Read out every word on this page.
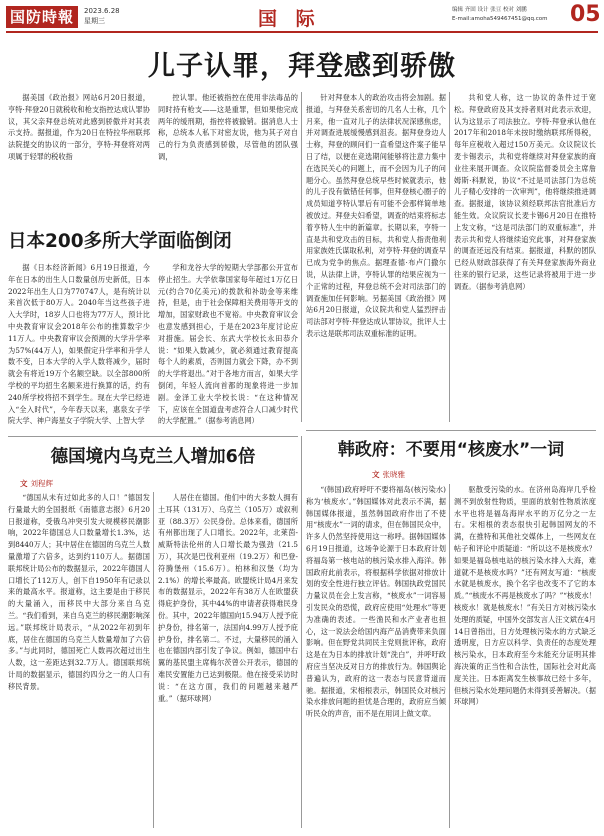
国防時報	2023.6.28
星期三	国 际	编辑 齐固 设计 张豆 校对 刘鹏
E-mail:amoha549467451@qq.com	05
儿子认罪，拜登感到骄傲

据美国《政治报》网站6月20日报道，亨特·拜登20日就税收和枪支指控达成认罪协议，其父亲拜登总统对此感到骄傲并对其表示支持。据报道，作为20日在特拉华州联邦法院提交的协议的一部分，亨特·拜登将对两项属于轻罪的税收指

控认罪。他还被指控在使用非法毒品的同时持有枪支——这是重罪，但如果他完成两年的缓刑期，指控将被撤销。据消息人士称，总统本人私下对密友说，他为其子对自己的行为负责感到骄傲，尽管他的团队强调，

针对拜登本人的政治攻击将会加剧。据报道，与拜登关系密切的几名人士称，几个月来，他一直对儿子的法律状况深感焦虑，并对调查进展缓慢感到沮丧。据拜登身边人士称，拜登的顾问们一直希望这件案子能早日了结，以便在竞选期间能够将注意力集中在选民关心的问题上，而不会因为儿子的问题分心。虽然拜登总统早些时候就表示，他的儿子没有做错任何事，但拜登核心圈子的成员知道亨特认罪后有可能不会那样简单地被放过。拜登夫妇希望，调查的结束将标志着亨特人生中的新篇章。长期以来，亨特一直是共和党攻击的目标，共和党人指责他利用家族姓氏谋取私利，对亨特·拜登的调查早已成为党争的焦点。据理查德·布卢门撒尔说，从法律上讲，亨特认罪的结果应视为一个正常的过程，拜登总统不会对司法部门的调查施加任何影响。另据美国《政治报》网站6月20日报道，众议院共和党人猛烈抨击司法部对亨特·拜登达成认罪协议，批评人士表示这是联邦司法双重标准的证明。

共和党人称，这一协议的条件过于宽松。拜登政府及其支持者则对此表示欢迎，认为这显示了司法独立。亨特·拜登承认他在2017年和2018年未按时缴纳联邦所得税，每年应税收入超过150万美元。众议院议长麦卡锡表示，共和党将继续对拜登家族的商业往来展开调查。众议院监督委员会主席詹姆斯·科默说，协议“不过是司法部门为总统儿子精心安排的一次审判”，他将继续推进调查。据报道，该协议须经联邦法官批准后方能生效。众议院议长麦卡锡6月20日在推特上发文称，“这是司法部门的双重标准”，并表示共和党人将继续追究此事，对拜登家族的调查还远没有结束。据报道，科默的团队已经从财政部获得了有关拜登家族海外商业往来的银行记录，这些记录将被用于进一步调查。（据参考消息网）

日本200多所大学面临倒闭

据《日本经济新闻》6月19日报道，今年在日本的出生人口数量创历史新低，日本2022年出生人口为770747人，是有统计以来首次低于80万人。2040年当这些孩子进入大学时，18岁人口也将为77万人，预计比中央教育审议会2018年公布的推算数字少11万人。中央教育审议会预测的大学升学率为57%(44万人)，如果假定升学率和升学人数不变，日本大学的入学人数将减少，届时就会有将近19万个名额空缺。以全部800所学校的平均招生名额来进行换算的话，约有240所学校将招不到学生。现在大学已经进入“全入时代”，今年春天以来，惠泉女子学院大学、神户海星女子学院大学、上智大学

学和龙谷大学的短期大学部都公开宣布停止招生。大学依靠国家每年超过1万亿日元(约合70亿美元)的拨款和补助金等来维持，但是，由于社会保障相关费用等开支的增加，国家财政也不宽裕。中央教育审议会也意发感到担心，于是在2023年度讨论应对措施。届会长、东武大学校长永田恭介说：“如果入数减少，就必须通过教育提高每个人的素质，否则国力就会下降，办不到的大学将退出。”对于各地方而言，如果大学倒闭，年轻人流向首都的现象将进一步加剧。金泽工业大学校长说：“在这种情况下，应该在全国道盘考虑符合人口减少时代的大学配置。”（据参考消息网）

韩政府：不要用“核废水”一词
文 张晓雅

“(韩国)政府呼吁不要将福岛(核污染水)称为‘核废水’。”韩国媒体对此表示不满，据韩国媒体报道，虽然韩国政府作出了不使用“核废水”一词的请求，但在韩国民众中，许多人仍然坚持使用这一称呼。据韩国媒体6月19日报道，这场争论源于日本政府计划将福岛第一核电站的核污染水排入海洋。韩国政府此前表示，将根据科学依据对排放计划的安全性进行独立评估。韩国执政党国民力量议员在会上发言称，“核废水”一词容易引发民众的恐慌，政府应使用“处理水”等更为准确的表述。一些渔民和水产业者也担心，这一说法会给国内海产品消费带来负面影响。但在野党共同民主党则批评称，政府这是在为日本的排放计划“洗白”，并呼吁政府应当坚决反对日方的排放行为。韩国舆论普遍认为，政府的这一表态与民意背道而驰。据报道，宋相根表示，韩国民众对核污染水排放问题的担忧是合理的，政府应当倾听民众的声音，而不是在用词上做文章。

驱散受污染的水。在济州岛海岸几乎检测不到放射性物质，里面的放射性物质浓度水平也将是福岛海岸水平的万亿分之一左右。宋相根的表态很快引起韩国网友的不满，在推特和其他社交媒体上，一些网友在帖子和评论中质疑道：“所以这不是核废水？如果是福岛核电站的核污染水排入大海，难道就不是核废水吗？”还有网友写道：“核废水就是核废水，换个名字也改变不了它的本质。”“核废水不再是核废水了吗？”“核废水！核废水！就是核废水！”有关日方对核污染水处理的质疑，中国外交部发言人汪文斌在4月14日曾指出，日方处理核污染水的方式缺乏透明度，日方应以科学、负责任的态度处理核污染水，日本政府至今未能充分证明其排海决策的正当性和合法性，国际社会对此高度关注。日本距离发生核事故已经十多年，但核污染水处理问题仍未得到妥善解决。（据环球网）

德国境内乌克兰人增加6倍
文 刘程辉

“德国从未有过如此多的人口！”德国发行量最大的全国报纸《南德意志报》6月20日报道称，受俄乌冲突引发大规模移民潮影响，2022年德国总人口数量增长1.3%，达到8440万人；其中居住在德国的乌克兰人数量激增了六倍多，达到约110万人。据德国联邦统计局公布的数据显示，2022年德国人口增长了112万人，创下自1950年有记录以来的最高水平。报道称，这主要是由于移民的大量涌入，而移民中大部分来自乌克兰。“我们看到，来自乌克兰的移民潮影响深远。”联邦统计局表示，“从2022年初到年底，居住在德国的乌克兰人数量增加了六倍多。”与此同时，德国死亡人数再次超过出生人数，这一差距达到32.7万人。德国联邦统计局的数据显示，德国约四分之一的人口有移民背景。

人居住在德国。他们中的大多数人拥有土耳其（131万）、乌克兰（105万）或叙利亚（88.3万）公民身份。总体来看，德国所有州都出现了人口增长。2022年，北莱茵-威斯特法伦州的人口增长最为强劲（21.5万），其次是巴伐利亚州（19.2万）和巴登-符腾堡州（15.6万）。柏林和汉堡（均为2.1%）的增长率最高。欧盟统计局4月来发布的数据显示，2022年有38万人在欧盟获得庇护身份，其中44%的申请者获得难民身份。其中，2022年德国向15.94万人授予庇护身份，排名第一，法国向4.99万人授予庇护身份，排名第二。不过，大量移民的涌入也在德国内部引发了争议。例如，德国中右翼的基民盟主席梅尔茨曾公开表示，德国的难民安置能力已达到极限。他在接受采访时说：“在这方面，我们的问题越来越严重。”（据环球网）
